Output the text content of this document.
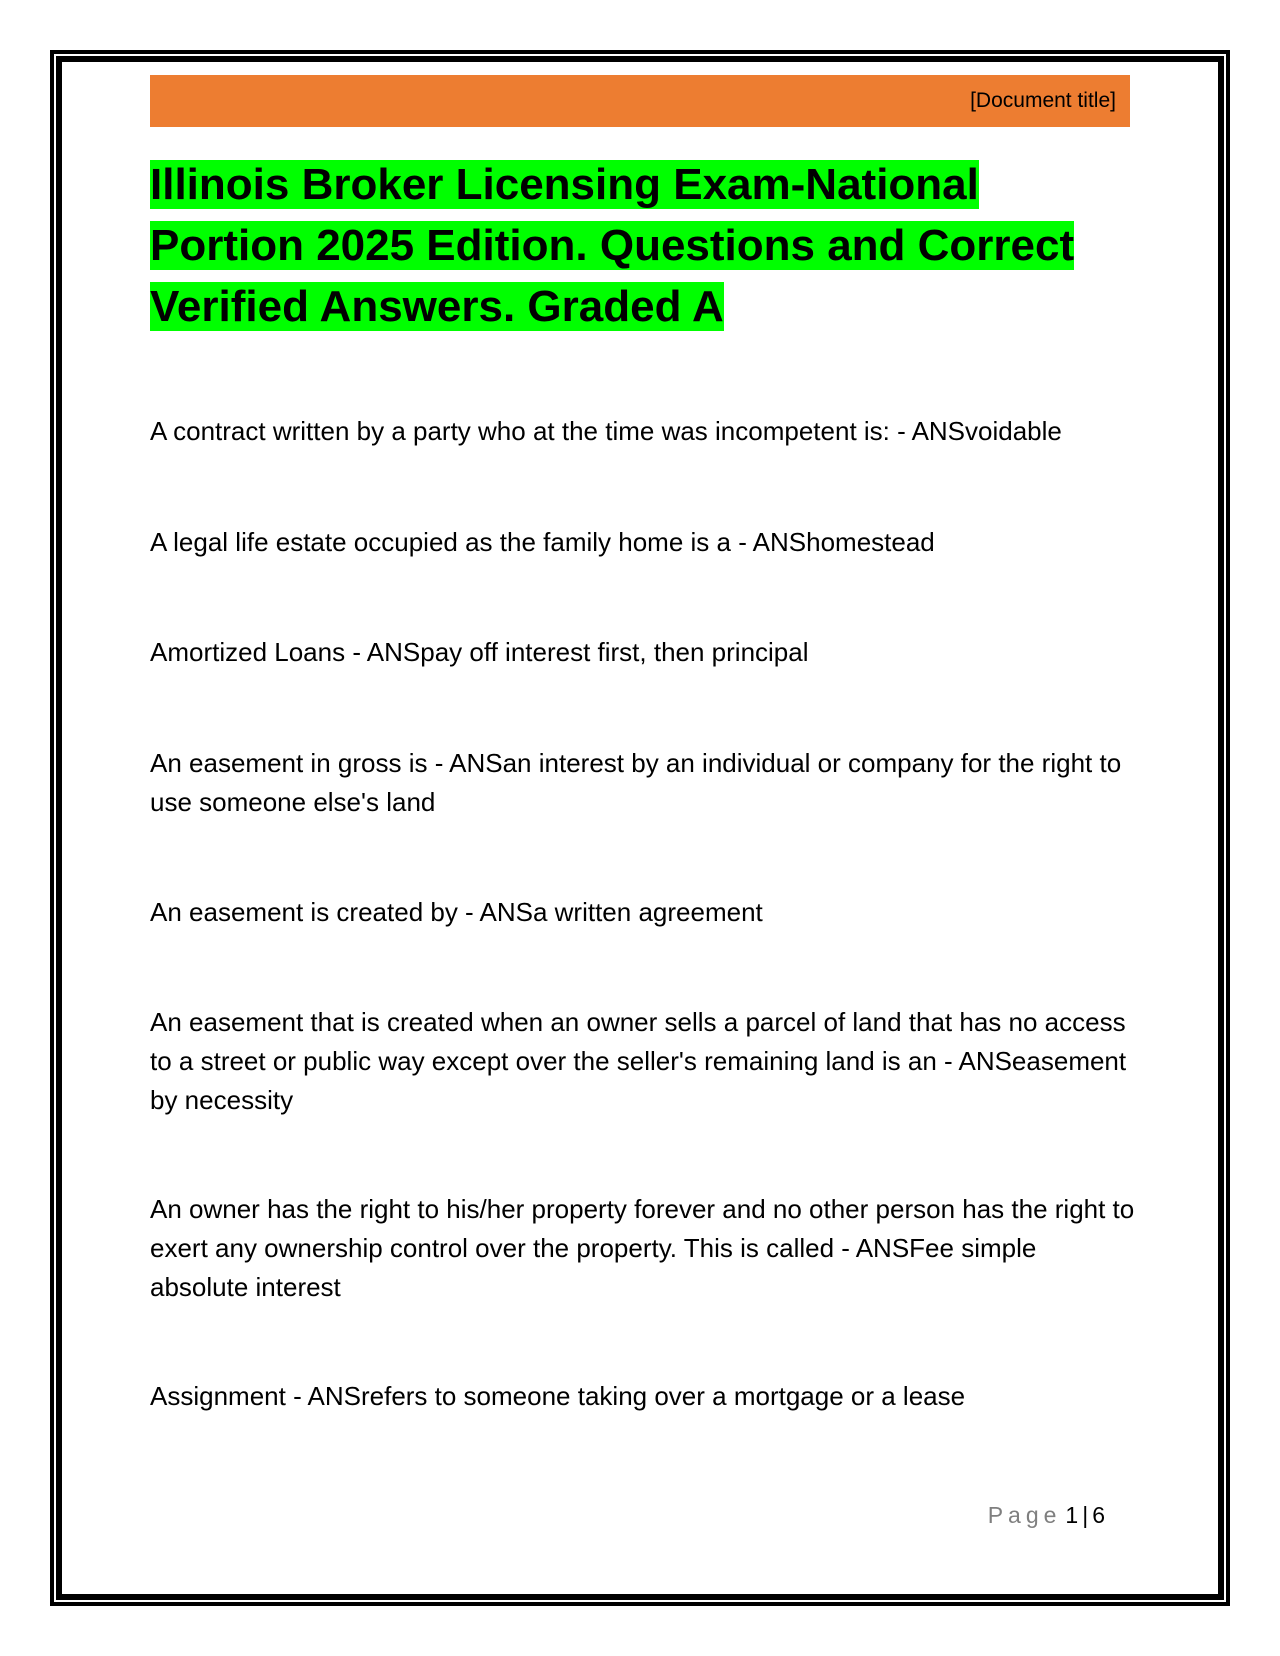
[Document title]
Illinois Broker Licensing Exam-National Portion 2025 Edition. Questions and Correct Verified Answers. Graded A

A contract written by a party who at the time was incompetent is: - ANSvoidable

A legal life estate occupied as the family home is a - ANShomestead

Amortized Loans - ANSpay off interest first, then principal

An easement in gross is - ANSan interest by an individual or company for the right to use someone else's land

An easement is created by - ANSa written agreement

An easement that is created when an owner sells a parcel of land that has no access to a street or public way except over the seller's remaining land is an - ANSeasement by necessity

An owner has the right to his/her property forever and no other person has the right to exert any ownership control over the property. This is called - ANSFee simple absolute interest

Assignment - ANSrefers to someone taking over a mortgage or a lease

Page 1 | 6
